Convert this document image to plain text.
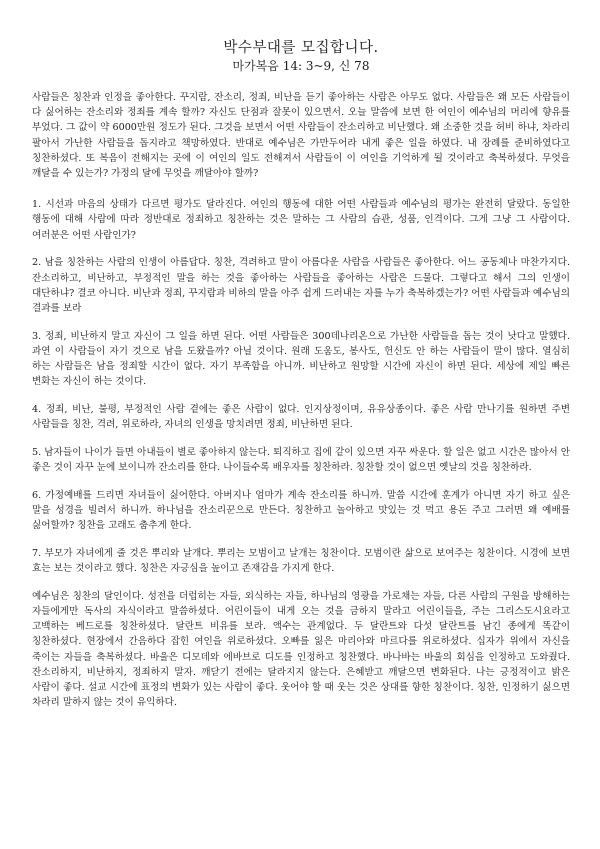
박수부대를 모집합니다.

마가복음 14: 3~9, 신 78

사람들은 칭찬과 인정을 좋아한다. 꾸지람, 잔소리, 정죄, 비난을 듣기 좋아하는 사람은 아무도 없다. 사람들은 왜 모든 사람들이 다 싫어하는 잔소리와 정죄를 계속 할까? 자신도 단점과 잘못이 있으면서. 오늘 말씀에 보면 한 여인이 예수님의 머리에 향유를 부었다. 그 값이 약 6000만원 정도가 된다. 그것을 보면서 어떤 사람들이 잔소리하고 비난했다. 왜 소중한 것을 허비 하냐, 차라리 팔아서 가난한 사람들을 돕지라고 책망하였다. 반대로 예수님은 가만두어라 내게 좋은 일을 하였다. 내 장례를 준비하였다고 칭찬하셨다. 또 복음이 전해지는 곳에 이 여인의 일도 전해져서 사람들이 이 여인을 기억하게 될 것이라고 축복하셨다. 무엇을 깨달을 수 있는가? 가정의 달에 무엇을 깨달아야 할까?

1. 시선과 마음의 상태가 다르면 평가도 달라진다. 여인의 행동에 대한 어떤 사람들과 예수님의 평가는 완전히 달랐다. 동일한 행동에 대해 사람에 따라 정반대로 정죄하고 칭찬하는 것은 말하는 그 사람의 습관, 성품, 인격이다. 그게 그냥 그 사람이다. 여러분은 어떤 사람인가?

2. 남을 칭찬하는 사람의 인생이 아름답다. 칭찬, 격려하고 말이 아름다운 사람을 사람들은 좋아한다. 어느 공동체나 마찬가지다. 잔소리하고, 비난하고, 부정적인 말을 하는 것을 좋아하는 사람들을 좋아하는 사람은 드물다. 그렇다고 해서 그의 인생이 대단하냐? 결코 아니다. 비난과 정죄, 꾸지람과 비하의 말을 아주 쉽게 드러내는 자를 누가 축복하겠는가? 어떤 사람들과 예수님의 결과를 보라

3. 정죄, 비난하지 말고 자신이 그 일을 하면 된다. 어떤 사람들은 300데나리온으로 가난한 사람들을 돕는 것이 낫다고 말했다. 과연 이 사람들이 자기 것으로 남을 도왔을까? 아닐 것이다. 원래 도움도, 봉사도, 헌신도 안 하는 사람들이 말이 많다. 열심히 하는 사람들은 남을 정죄할 시간이 없다. 자기 부족함을 아니까. 비난하고 원망할 시간에 자신이 하면 된다. 세상에 제일 빠른 변화는 자신이 하는 것이다.

4. 정죄, 비난, 불평, 부정적인 사람 곁에는 좋은 사람이 없다. 인지상정이며, 유유상종이다. 좋은 사람 만나기를 원하면 주변 사람들을 칭찬, 격려, 위로하라, 자녀의 인생을 망치려면 정죄, 비난하면 된다.

5. 남자들이 나이가 들면 아내들이 별로 좋아하지 않는다. 퇴직하고 집에 같이 있으면 자꾸 싸운다. 할 일은 없고 시간은 많아서 안 좋은 것이 자꾸 눈에 보이니까 잔소리를 한다. 나이들수록 배우자를 칭찬하라. 칭찬할 것이 없으면 옛날의 것을 칭찬하라.

6. 가정예배를 드리면 자녀들이 싫어한다. 아버지나 엄마가 계속 잔소리를 하니까. 말씀 시간에 훈계가 아니면 자기 하고 싶은 말을 성경을 빌려서 하니까. 하나님을 잔소리꾼으로 만든다. 칭찬하고 놀아하고 맛있는 것 먹고 용돈 주고 그러면 왜 예배를 싫어할까? 칭찬을 고래도 춤추게 한다.

7. 부모가 자녀에게 줄 것은 뿌리와 날개다. 뿌리는 모범이고 날개는 칭찬이다. 모범이란 삶으로 보여주는 칭찬이다. 시경에 보면 효는 보는 것이라고 했다. 칭찬은 자긍심을 높이고 존재감을 가지게 한다.

예수님은 칭찬의 달인이다. 성전을 더럽히는 자들, 외식하는 자들, 하나님의 영광을 가로채는 자들, 다른 사람의 구원을 방해하는 자들에게만 독사의 자식이라고 말씀하셨다. 어린이들이 내게 오는 것을 금하지 말라고 어린이들을, 주는 그리스도시요라고 고백하는 베드로를 칭찬하셨다. 달란트 비유를 보라. 액수는 관계없다. 두 달란트와 다섯 달란트를 남긴 종에게 똑같이 칭찬하셨다. 현장에서 간음하다 잡힌 여인을 위로하셨다. 오빠를 잃은 마리아와 마르다를 위로하셨다. 십자가 위에서 자신을 죽이는 자들을 축복하셨다. 바울은 디모데와 에바브로 디도를 인정하고 칭찬했다. 바나바는 바울의 회심을 인정하고 도와줬다. 잔소리하지, 비난하지, 정죄하지 말자. 깨닫기 전에는 달라지지 않는다. 은혜받고 깨달으면 변화된다. 나는 긍정적이고 밝은 사람이 좋다. 설교 시간에 표정의 변화가 있는 사람이 좋다. 웃어야 할 때 웃는 것은 상대를 향한 칭찬이다. 칭찬, 인정하기 싫으면 차라리 말하지 않는 것이 유익하다.
